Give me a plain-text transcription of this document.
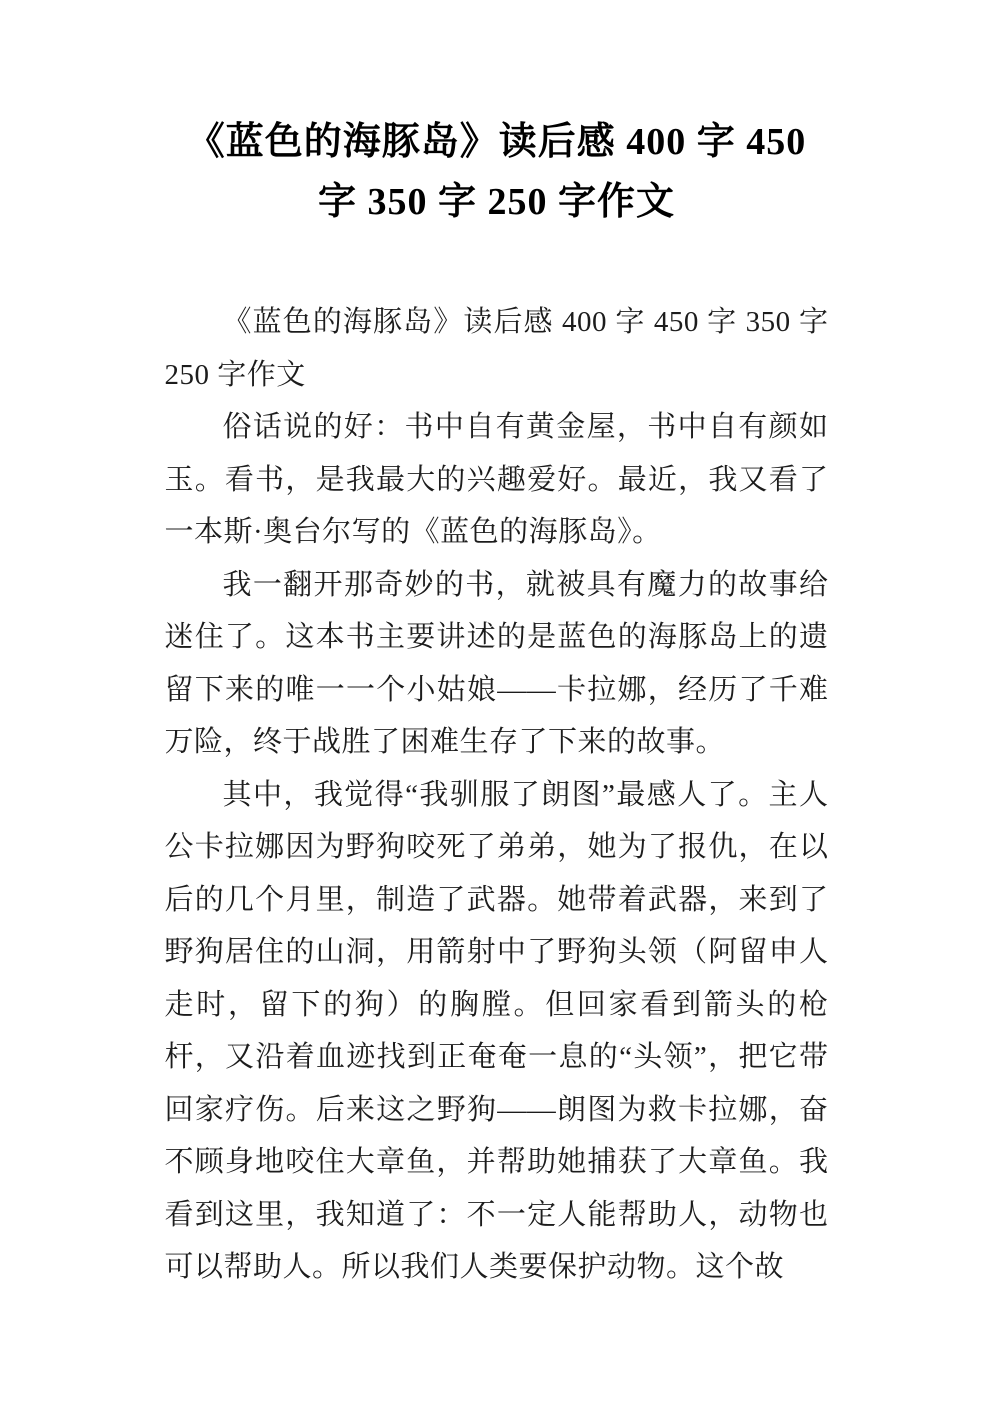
《蓝色的海豚岛》读后感 400 字 450
字 350 字 250 字作文

《蓝色的海豚岛》读后感 400 字 450 字 350 字 250 字作文

俗话说的好：书中自有黄金屋，书中自有颜如玉。看书，是我最大的兴趣爱好。最近，我又看了一本斯·奥台尔写的《蓝色的海豚岛》。

我一翻开那奇妙的书，就被具有魔力的故事给迷住了。这本书主要讲述的是蓝色的海豚岛上的遗留下来的唯一一个小姑娘——卡拉娜，经历了千难万险，终于战胜了困难生存了下来的故事。

其中，我觉得“我驯服了朗图”最感人了。主人公卡拉娜因为野狗咬死了弟弟，她为了报仇，在以后的几个月里，制造了武器。她带着武器，来到了野狗居住的山洞，用箭射中了野狗头领（阿留申人走时，留下的狗）的胸膛。但回家看到箭头的枪杆，又沿着血迹找到正奄奄一息的“头领”，把它带回家疗伤。后来这之野狗——朗图为救卡拉娜，奋不顾身地咬住大章鱼，并帮助她捕获了大章鱼。我看到这里，我知道了：不一定人能帮助人，动物也可以帮助人。所以我们人类要保护动物。这个故
